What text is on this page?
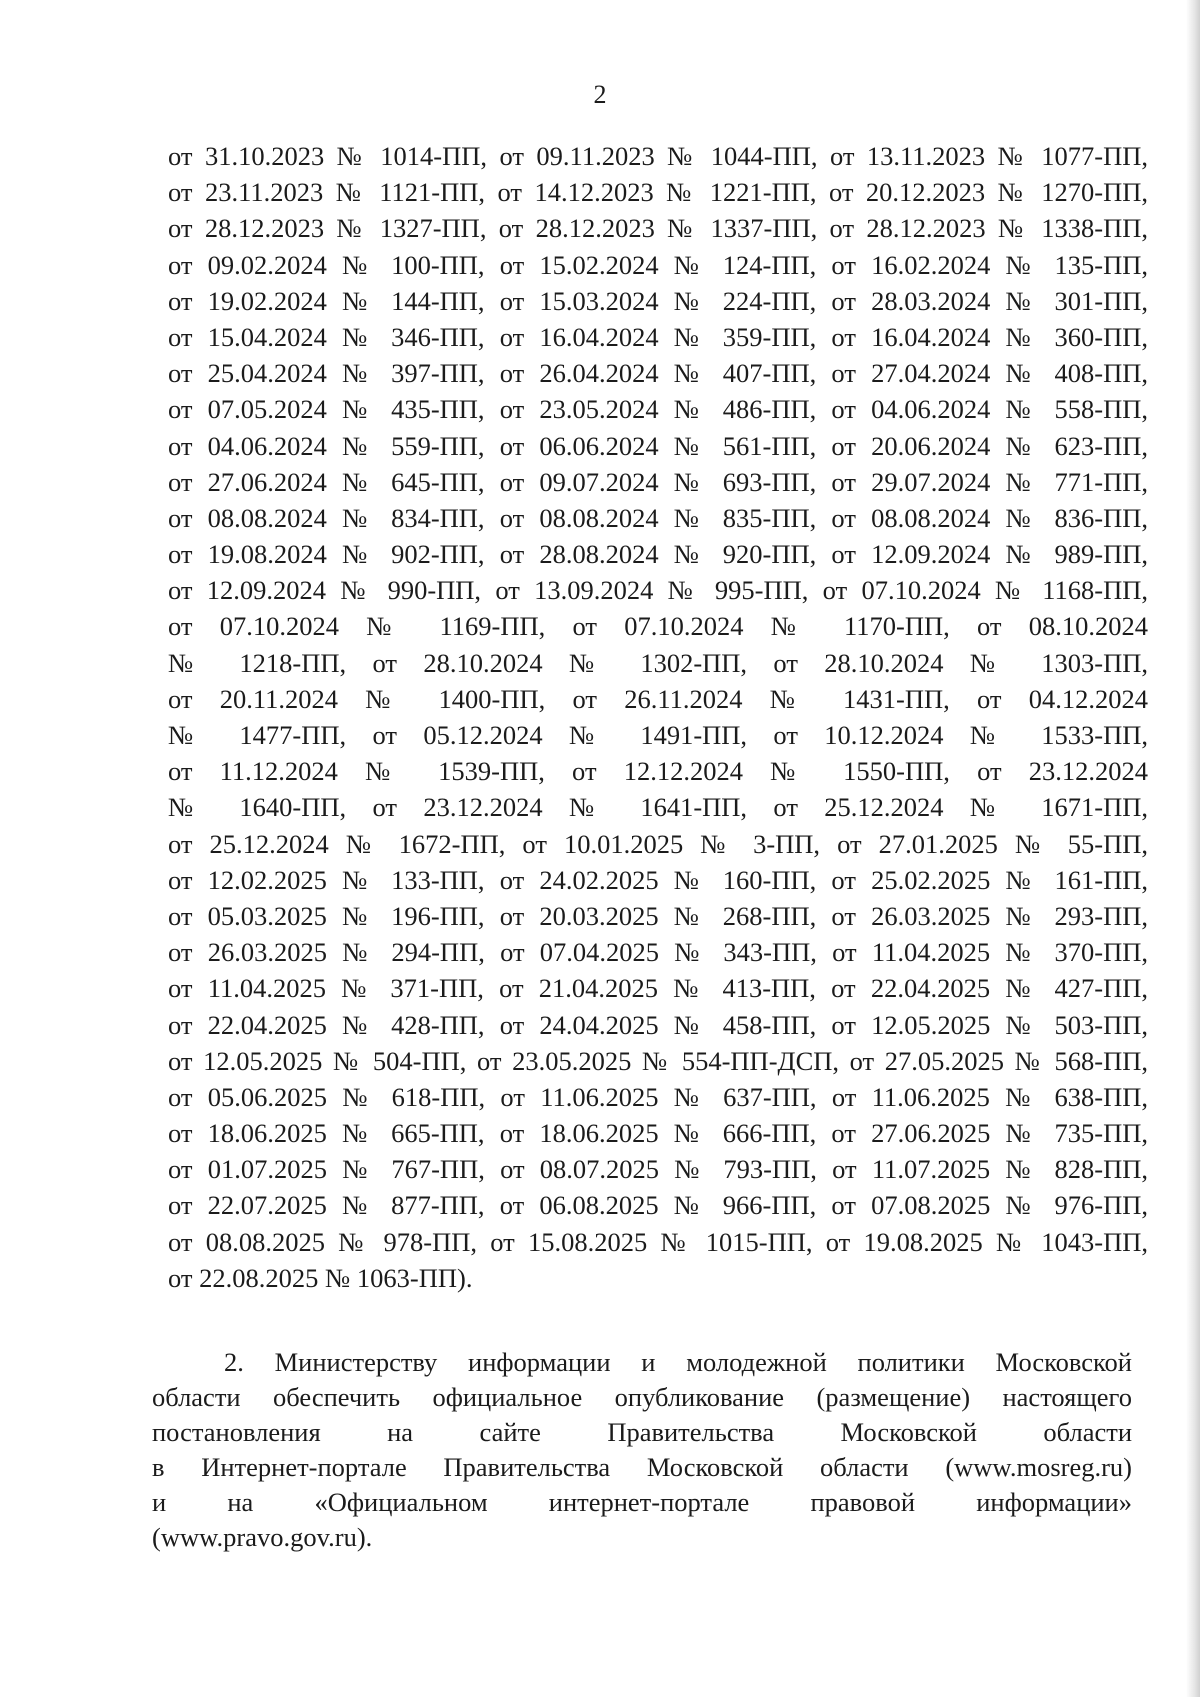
2
от 31.10.2023 № 1014-ПП, от 09.11.2023 № 1044-ПП, от 13.11.2023 № 1077-ПП,
от 23.11.2023 № 1121-ПП, от 14.12.2023 № 1221-ПП, от 20.12.2023 № 1270-ПП,
от 28.12.2023 № 1327-ПП, от 28.12.2023 № 1337-ПП, от 28.12.2023 № 1338-ПП,
от 09.02.2024 № 100-ПП, от 15.02.2024 № 124-ПП, от 16.02.2024 № 135-ПП,
от 19.02.2024 № 144-ПП, от 15.03.2024 № 224-ПП, от 28.03.2024 № 301-ПП,
от 15.04.2024 № 346-ПП, от 16.04.2024 № 359-ПП, от 16.04.2024 № 360-ПП,
от 25.04.2024 № 397-ПП, от 26.04.2024 № 407-ПП, от 27.04.2024 № 408-ПП,
от 07.05.2024 № 435-ПП, от 23.05.2024 № 486-ПП, от 04.06.2024 № 558-ПП,
от 04.06.2024 № 559-ПП, от 06.06.2024 № 561-ПП, от 20.06.2024 № 623-ПП,
от 27.06.2024 № 645-ПП, от 09.07.2024 № 693-ПП, от 29.07.2024 № 771-ПП,
от 08.08.2024 № 834-ПП, от 08.08.2024 № 835-ПП, от 08.08.2024 № 836-ПП,
от 19.08.2024 № 902-ПП, от 28.08.2024 № 920-ПП, от 12.09.2024 № 989-ПП,
от 12.09.2024 № 990-ПП, от 13.09.2024 № 995-ПП, от 07.10.2024 № 1168-ПП,
от 07.10.2024 № 1169-ПП, от 07.10.2024 № 1170-ПП, от 08.10.2024
№ 1218-ПП, от 28.10.2024 № 1302-ПП, от 28.10.2024 № 1303-ПП,
от 20.11.2024 № 1400-ПП, от 26.11.2024 № 1431-ПП, от 04.12.2024
№ 1477-ПП, от 05.12.2024 № 1491-ПП, от 10.12.2024 № 1533-ПП,
от 11.12.2024 № 1539-ПП, от 12.12.2024 № 1550-ПП, от 23.12.2024
№ 1640-ПП, от 23.12.2024 № 1641-ПП, от 25.12.2024 № 1671-ПП,
от 25.12.2024 № 1672-ПП, от 10.01.2025 № 3-ПП, от 27.01.2025 № 55-ПП,
от 12.02.2025 № 133-ПП, от 24.02.2025 № 160-ПП, от 25.02.2025 № 161-ПП,
от 05.03.2025 № 196-ПП, от 20.03.2025 № 268-ПП, от 26.03.2025 № 293-ПП,
от 26.03.2025 № 294-ПП, от 07.04.2025 № 343-ПП, от 11.04.2025 № 370-ПП,
от 11.04.2025 № 371-ПП, от 21.04.2025 № 413-ПП, от 22.04.2025 № 427-ПП,
от 22.04.2025 № 428-ПП, от 24.04.2025 № 458-ПП, от 12.05.2025 № 503-ПП,
от 12.05.2025 № 504-ПП, от 23.05.2025 № 554-ПП-ДСП, от 27.05.2025 № 568-ПП,
от 05.06.2025 № 618-ПП, от 11.06.2025 № 637-ПП, от 11.06.2025 № 638-ПП,
от 18.06.2025 № 665-ПП, от 18.06.2025 № 666-ПП, от 27.06.2025 № 735-ПП,
от 01.07.2025 № 767-ПП, от 08.07.2025 № 793-ПП, от 11.07.2025 № 828-ПП,
от 22.07.2025 № 877-ПП, от 06.08.2025 № 966-ПП, от 07.08.2025 № 976-ПП,
от 08.08.2025 № 978-ПП, от 15.08.2025 № 1015-ПП, от 19.08.2025 № 1043-ПП,
от 22.08.2025 № 1063-ПП).
2. Министерству информации и молодежной политики Московской
области обеспечить официальное опубликование (размещение) настоящего
постановления на сайте Правительства Московской области
в Интернет-портале Правительства Московской области (www.mosreg.ru)
и на «Официальном интернет-портале правовой информации»
(www.pravo.gov.ru).
